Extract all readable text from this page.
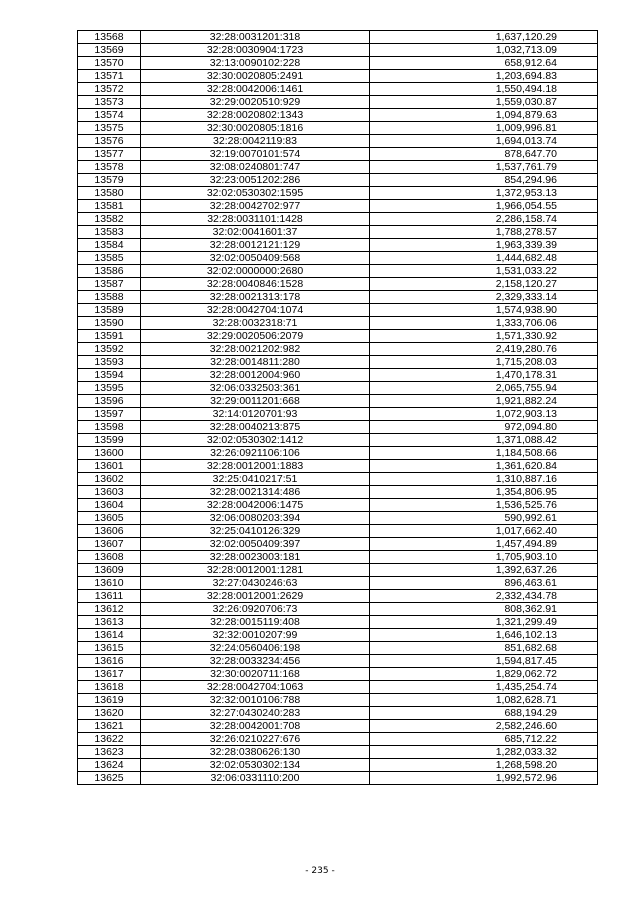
13568	32:28:0031201:318	1,637,120.29
13569	32:28:0030904:1723	1,032,713.09
13570	32:13:0090102:228	658,912.64
13571	32:30:0020805:2491	1,203,694.83
13572	32:28:0042006:1461	1,550,494.18
13573	32:29:0020510:929	1,559,030.87
13574	32:28:0020802:1343	1,094,879.63
13575	32:30:0020805:1816	1,009,996.81
13576	32:28:0042119:83	1,694,013.74
13577	32:19:0070101:574	878,647.70
13578	32:08:0240801:747	1,537,761.79
13579	32:23:0051202:286	854,294.96
13580	32:02:0530302:1595	1,372,953.13
13581	32:28:0042702:977	1,966,054.55
13582	32:28:0031101:1428	2,286,158.74
13583	32:02:0041601:37	1,788,278.57
13584	32:28:0012121:129	1,963,339.39
13585	32:02:0050409:568	1,444,682.48
13586	32:02:0000000:2680	1,531,033.22
13587	32:28:0040846:1528	2,158,120.27
13588	32:28:0021313:178	2,329,333.14
13589	32:28:0042704:1074	1,574,938.90
13590	32:28:0032318:71	1,333,706.06
13591	32:29:0020506:2079	1,571,330.92
13592	32:28:0021202:982	2,419,280.76
13593	32:28:0014811:280	1,715,208.03
13594	32:28:0012004:960	1,470,178.31
13595	32:06:0332503:361	2,065,755.94
13596	32:29:0011201:668	1,921,882.24
13597	32:14:0120701:93	1,072,903.13
13598	32:28:0040213:875	972,094.80
13599	32:02:0530302:1412	1,371,088.42
13600	32:26:0921106:106	1,184,508.66
13601	32:28:0012001:1883	1,361,620.84
13602	32:25:0410217:51	1,310,887.16
13603	32:28:0021314:486	1,354,806.95
13604	32:28:0042006:1475	1,536,525.76
13605	32:06:0080203:394	590,992.61
13606	32:25:0410126:329	1,017,662.40
13607	32:02:0050409:397	1,457,494.89
13608	32:28:0023003:181	1,705,903.10
13609	32:28:0012001:1281	1,392,637.26
13610	32:27:0430246:63	896,463.61
13611	32:28:0012001:2629	2,332,434.78
13612	32:26:0920706:73	808,362.91
13613	32:28:0015119:408	1,321,299.49
13614	32:32:0010207:99	1,646,102.13
13615	32:24:0560406:198	851,682.68
13616	32:28:0033234:456	1,594,817.45
13617	32:30:0020711:168	1,829,062.72
13618	32:28:0042704:1063	1,435,254.74
13619	32:32:0010106:788	1,082,628.71
13620	32:27:0430240:283	688,194.29
13621	32:28:0042001:708	2,582,246.60
13622	32:26:0210227:676	685,712.22
13623	32:28:0380626:130	1,282,033.32
13624	32:02:0530302:134	1,268,598.20
13625	32:06:0331110:200	1,992,572.96
- 235 -
